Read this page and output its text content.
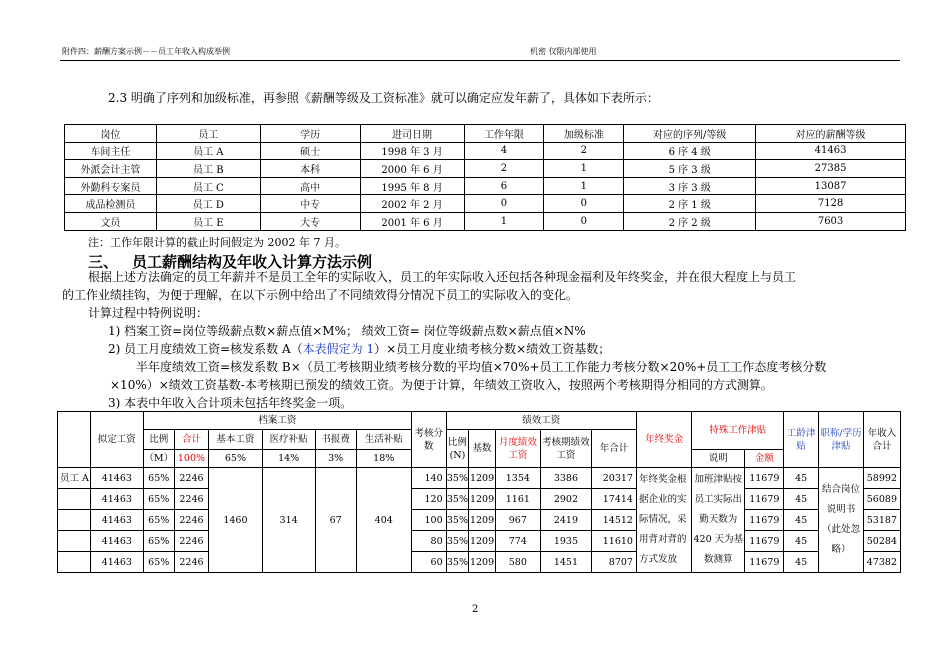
附件四：薪酬方案示例－－员工年收入构成举例	机密 仅限内部使用
2.3 明确了序列和加级标准，再参照《薪酬等级及工资标准》就可以确定应发年薪了，具体如下表所示：
岗位	员工	学历	进司日期	工作年限	加级标准	对应的序列/等级	对应的薪酬等级
车间主任	员工 A	硕士	1998 年 3 月	4	2	6 序 4 级	41463
外派会计主管	员工 B	本科	2000 年 6 月	2	1	5 序 3 级	27385
外勤科专案员	员工 C	高中	1995 年 8 月	6	1	3 序 3 级	13087
成品检测员	员工 D	中专	2002 年 2 月	0	0	2 序 1 级	7128
文员	员工 E	大专	2001 年 6 月	1	0	2 序 2 级	7603
注：工作年限计算的截止时间假定为 2002 年 7 月。
三、 员工薪酬结构及年收入计算方法示例
根据上述方法确定的员工年薪并不是员工全年的实际收入，员工的年实际收入还包括各种现金福利及年终奖金，并在很大程度上与员工
的工作业绩挂钩，为便于理解，在以下示例中给出了不同绩效得分情况下员工的实际收入的变化。
计算过程中特例说明：
1) 档案工资=岗位等级薪点数×薪点值×M%； 绩效工资= 岗位等级薪点数×薪点值×N%
2) 员工月度绩效工资=核发系数 A（本表假定为 1）×员工月度业绩考核分数×绩效工资基数；
半年度绩效工资=核发系数 B×（员工考核期业绩考核分数的平均值×70%+员工工作能力考核分数×20%+员工工作态度考核分数
×10%）×绩效工资基数-本考核期已预发的绩效工资。为便于计算，年绩效工资收入，按照两个考核期得分相同的方式测算。
3) 本表中年收入合计项未包括年终奖金一项。
	拟定工资	档案工资						考核分数	绩效工资					年终奖金	特殊工作津贴		工龄津贴	职称/学历津贴	年收入合计
		比例	合计	基本工资	医疗补贴	书报费	生活补贴		比例
(N)	基数	月度绩效工资	考核期绩效工资	年合计						
		（M）	100%	65%	14%	3%	18%								说明	金额			
员工 A	41463	65%	2246	1460	314	67	404	140	35%	1209	1354	3386	20317	年终奖金根据企业的实际情况，采用背对背的方式发放	加班津贴按员工实际出勤天数为 420 天为基数测算	11679	45	结合岗位说明书（此处忽略）	58992
	41463	65%	2246					120	35%	1209	1161	2902	17414			11679	45		56089
	41463	65%	2246					100	35%	1209	967	2419	14512			11679	45		53187
	41463	65%	2246					80	35%	1209	774	1935	11610			11679	45		50284
	41463	65%	2246					60	35%	1209	580	1451	8707			11679	45		47382
2
